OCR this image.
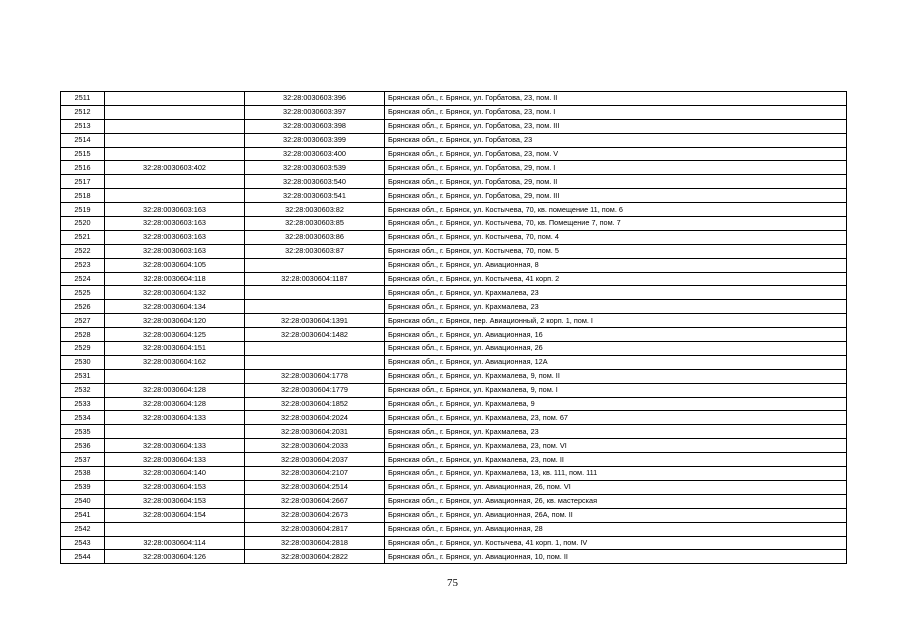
2511		32:28:0030603:396	Брянская обл., г. Брянск, ул. Горбатова, 23, пом. II
2512		32:28:0030603:397	Брянская обл., г. Брянск, ул. Горбатова, 23, пом. I
2513		32:28:0030603:398	Брянская обл., г. Брянск, ул. Горбатова, 23, пом. III
2514		32:28:0030603:399	Брянская обл., г. Брянск, ул. Горбатова, 23
2515		32:28:0030603:400	Брянская обл., г. Брянск, ул. Горбатова, 23, пом. V
2516	32:28:0030603:402	32:28:0030603:539	Брянская обл., г. Брянск, ул. Горбатова, 29, пом. I
2517		32:28:0030603:540	Брянская обл., г. Брянск, ул. Горбатова, 29, пом. II
2518		32:28:0030603:541	Брянская обл., г. Брянск, ул. Горбатова, 29, пом. III
2519	32:28:0030603:163	32:28:0030603:82	Брянская обл., г. Брянск, ул. Костычева, 70, кв. помещение 11, пом. 6
2520	32:28:0030603:163	32:28:0030603:85	Брянская обл., г. Брянск, ул. Костычева, 70, кв. Помещение 7, пом. 7
2521	32:28:0030603:163	32:28:0030603:86	Брянская обл., г. Брянск, ул. Костычева, 70, пом. 4
2522	32:28:0030603:163	32:28:0030603:87	Брянская обл., г. Брянск, ул. Костычева, 70, пом. 5
2523	32:28:0030604:105		Брянская обл., г. Брянск, ул. Авиационная, 8
2524	32:28:0030604:118	32:28:0030604:1187	Брянская обл., г. Брянск, ул. Костычева, 41 корп. 2
2525	32:28:0030604:132		Брянская обл., г. Брянск, ул. Крахмалева, 23
2526	32:28:0030604:134		Брянская обл., г. Брянск, ул. Крахмалева, 23
2527	32:28:0030604:120	32:28:0030604:1391	Брянская обл., г. Брянск, пер. Авиационный, 2 корп. 1, пом. I
2528	32:28:0030604:125	32:28:0030604:1482	Брянская обл., г. Брянск, ул. Авиационная, 16
2529	32:28:0030604:151		Брянская обл., г. Брянск, ул. Авиационная, 26
2530	32:28:0030604:162		Брянская обл., г. Брянск, ул. Авиационная, 12А
2531		32:28:0030604:1778	Брянская обл., г. Брянск, ул. Крахмалева, 9, пом. II
2532	32:28:0030604:128	32:28:0030604:1779	Брянская обл., г. Брянск, ул. Крахмалева, 9, пом. I
2533	32:28:0030604:128	32:28:0030604:1852	Брянская обл., г. Брянск, ул. Крахмалева, 9
2534	32:28:0030604:133	32:28:0030604:2024	Брянская обл., г. Брянск, ул. Крахмалева, 23, пом. 67
2535		32:28:0030604:2031	Брянская обл., г. Брянск, ул. Крахмалева, 23
2536	32:28:0030604:133	32:28:0030604:2033	Брянская обл., г. Брянск, ул. Крахмалева, 23, пом. VI
2537	32:28:0030604:133	32:28:0030604:2037	Брянская обл., г. Брянск, ул. Крахмалева, 23, пом. II
2538	32:28:0030604:140	32:28:0030604:2107	Брянская обл., г. Брянск, ул. Крахмалева, 13, кв. 111, пом. 111
2539	32:28:0030604:153	32:28:0030604:2514	Брянская обл., г. Брянск, ул. Авиационная, 26, пом. VI
2540	32:28:0030604:153	32:28:0030604:2667	Брянская обл., г. Брянск, ул. Авиационная, 26, кв. мастерская
2541	32:28:0030604:154	32:28:0030604:2673	Брянская обл., г. Брянск, ул. Авиационная, 26А, пом. II
2542		32:28:0030604:2817	Брянская обл., г. Брянск, ул. Авиационная, 28
2543	32:28:0030604:114	32:28:0030604:2818	Брянская обл., г. Брянск, ул. Костычева, 41 корп. 1, пом. IV
2544	32:28:0030604:126	32:28:0030604:2822	Брянская обл., г. Брянск, ул. Авиационная, 10, пом. II
75
